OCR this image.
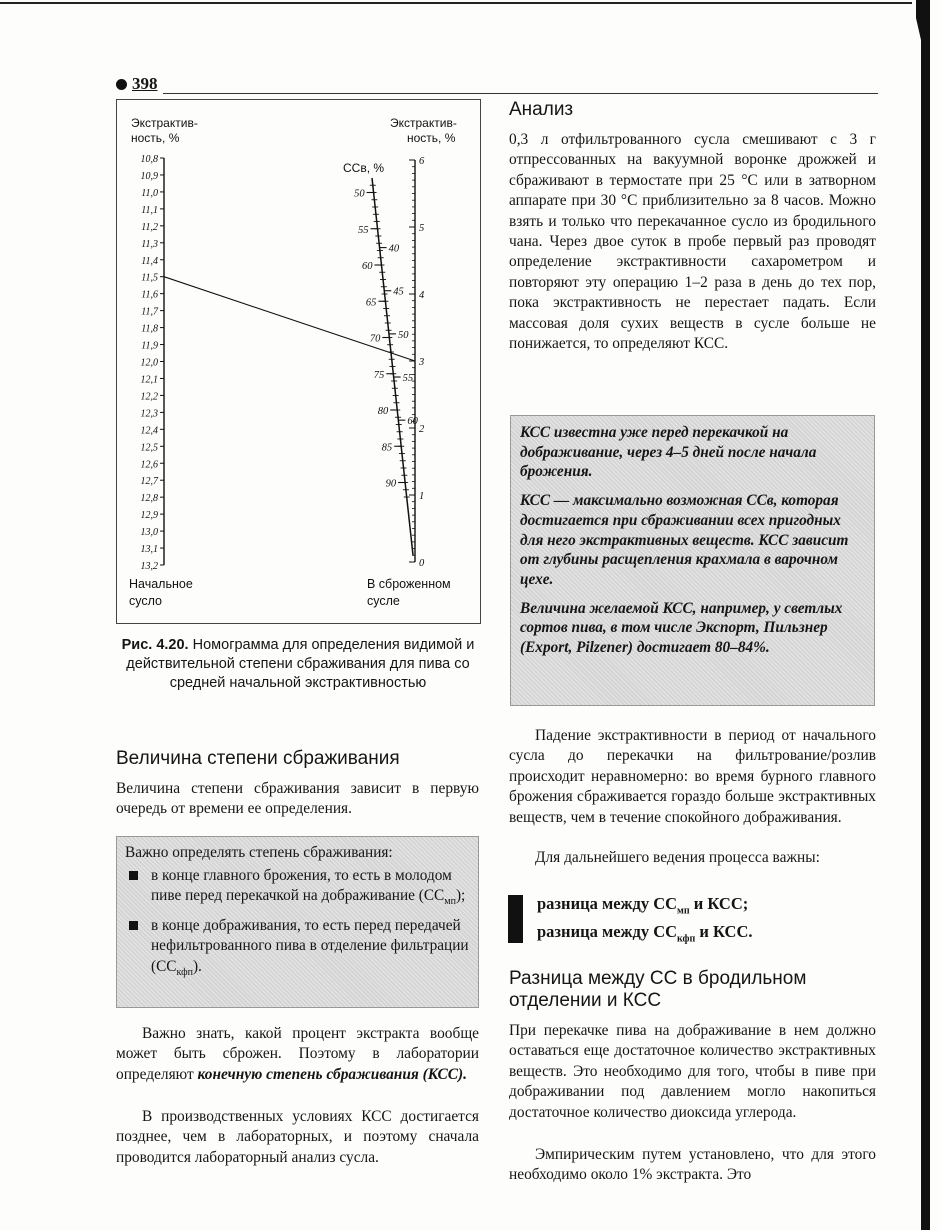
398
Экстрактив-
ность, %
Экстрактив-
ность, %
CCв, %
Начальное
сусло
В сброженном
сусле
10,8
10,9
11,0
11,1
11,2
11,3
11,4
11,5
11,6
11,7
11,8
11,9
12,0
12,1
12,2
12,3
12,4
12,5
12,6
12,7
12,8
12,9
13,0
13,1
13,2
6
5
4
3
2
1
0
50
55
60
65
70
75
80
85
90
40
45
50
55
60
Рис. 4.20. Номограмма для определения видимой и действительной степени сбраживания для пива со средней начальной экстрактивностью
Величина степени сбраживания
Величина степени сбраживания зависит в первую очередь от времени ее определения.
Важно определять степень сбраживания:
в конце главного брожения, то есть в молодом пиве перед перекачкой на дображивание $(СС_{мп})$;
в конце дображивания, то есть перед передачей нефильтрованного пива в отделение фильтрации $(СС_{кфп})$.
Важно знать, какой процент экстракта вообще может быть сброжен. Поэтому в лаборатории определяют конечную степень сбраживания (КСС).
В производственных условиях КСС достигается позднее, чем в лабораторных, и поэтому сначала проводится лабораторный анализ сусла.
Анализ
0,3 л отфильтрованного сусла смешивают с 3 г отпрессованных на вакуумной воронке дрожжей и сбраживают в термостате при 25 °C или в затворном аппарате при 30 °C приблизительно за 8 часов. Можно взять и только что перекачанное сусло из бродильного чана. Через двое суток в пробе первый раз проводят определение экстрактивности сахарометром и повторяют эту операцию 1–2 раза в день до тех пор, пока экстрактивность не перестает падать. Если массовая доля сухих веществ в сусле больше не понижается, то определяют КСС.

КСС известна уже перед перекачкой на дображивание, через 4–5 дней после начала брожения.

КСС — максимально возможная СCв, которая достигается при сбраживании всех пригодных для него экстрактивных веществ. КСС зависит от глубины расщепления крахмала в варочном цехе.

Величина желаемой КСС, например, у светлых сортов пива, в том числе Экспорт, Пильзнер (Export, Pilzener) достигает 80–84%.

Падение экстрактивности в период от начального сусла до перекачки на фильтрование/розлив происходит неравномерно: во время бурного главного брожения сбраживается гораздо больше экстрактивных веществ, чем в течение спокойного дображивания.
Для дальнейшего ведения процесса важны:
разница между $СС_{мп}$ и КСС;
разница между $СС_{кфп}$ и КСС.
Разница между СС в бродильном
отделении и КСС
При перекачке пива на дображивание в нем должно оставаться еще достаточное количество экстрактивных веществ. Это необходимо для того, чтобы в пиве при дображивании под давлением могло накопиться достаточное количество диоксида углерода.
Эмпирическим путем установлено, что для этого необходимо около 1% экстракта. Это
